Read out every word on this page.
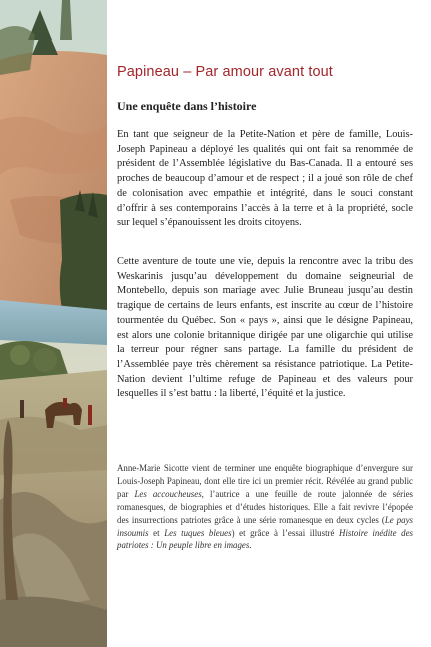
Papineau – Par amour avant tout
Une enquête dans l’histoire

En tant que seigneur de la Petite-Nation et père de famille, Louis-Joseph Papineau a déployé les qualités qui ont fait sa renommée de président de l’Assemblée législative du Bas-Canada. Il a entouré ses proches de beaucoup d’amour et de respect ; il a joué son rôle de chef de colonisation avec empathie et intégrité, dans le souci constant d’offrir à ses contemporains l’accès à la terre et à la propriété, socle sur lequel s’épanouissent les droits citoyens.

Cette aventure de toute une vie, depuis la rencontre avec la tribu des Weskarinis jusqu’au développement du domaine seigneurial de Montebello, depuis son mariage avec Julie Bruneau jusqu’au destin tragique de certains de leurs enfants, est inscrite au cœur de l’histoire tourmentée du Québec. Son « pays », ainsi que le désigne Papineau, est alors une colonie britannique dirigée par une oligarchie qui utilise la terreur pour régner sans partage. La famille du président de l’Assemblée paye très chèrement sa résistance patriotique. La Petite-Nation devient l’ultime refuge de Papineau et des valeurs pour lesquelles il s’est battu : la liberté, l’équité et la justice.

Anne-Marie Sicotte vient de terminer une enquête biographique d’envergure sur Louis-Joseph Papineau, dont elle tire ici un premier récit. Révélée au grand public par Les accoucheuses, l’autrice a une feuille de route jalonnée de séries romanesques, de biographies et d’études historiques. Elle a fait revivre l’épopée des insurrections patriotes grâce à une série romanesque en deux cycles (Le pays insoumis et Les tuques bleues) et grâce à l’essai illustré Histoire inédite des patriotes : Un peuple libre en images.
